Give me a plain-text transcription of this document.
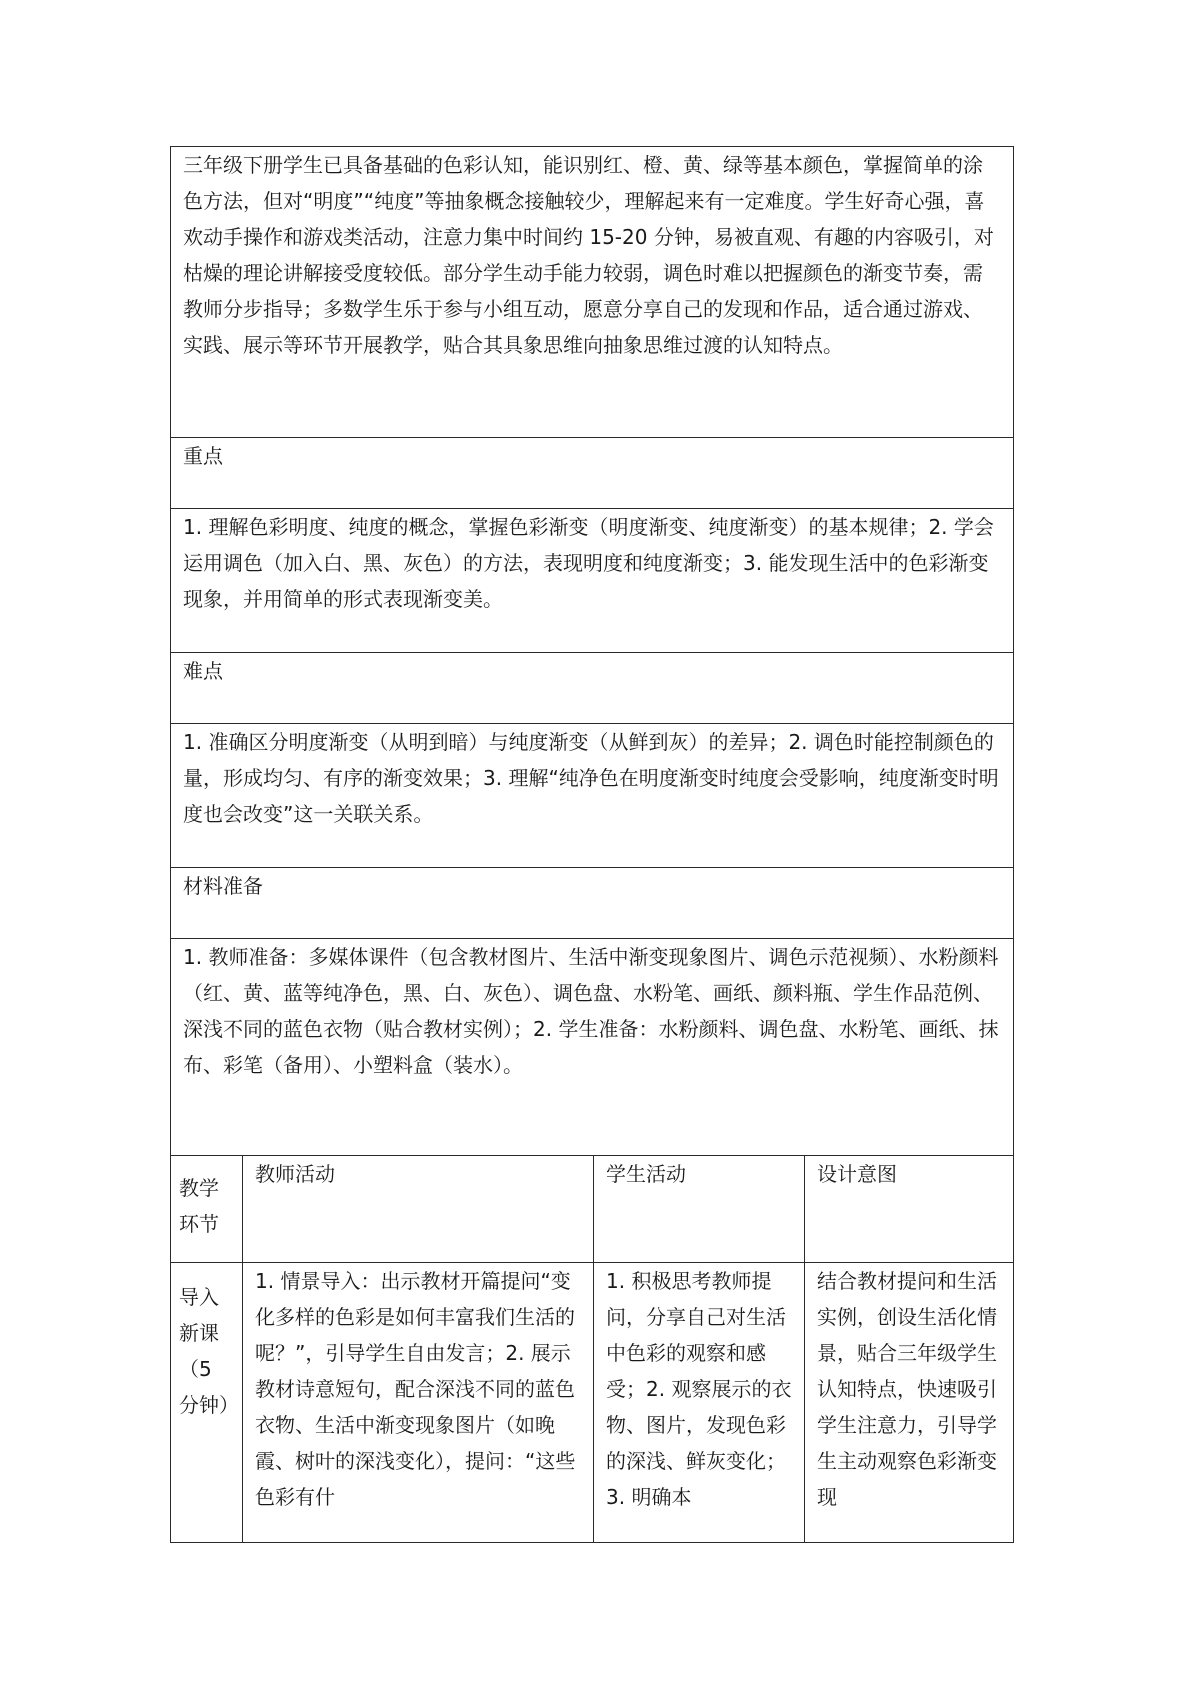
三年级下册学生已具备基础的色彩认知，能识别红、橙、黄、绿等基本颜色，掌握简单的涂色方法，但对“明度”“纯度”等抽象概念接触较少，理解起来有一定难度。学生好奇心强，喜欢动手操作和游戏类活动，注意力集中时间约 15-20 分钟，易被直观、有趣的内容吸引，对枯燥的理论讲解接受度较低。部分学生动手能力较弱，调色时难以把握颜色的渐变节奏，需教师分步指导；多数学生乐于参与小组互动，愿意分享自己的发现和作品，适合通过游戏、实践、展示等环节开展教学，贴合其具象思维向抽象思维过渡的认知特点。			
重点			
1. 理解色彩明度、纯度的概念，掌握色彩渐变（明度渐变、纯度渐变）的基本规律；2. 学会运用调色（加入白、黑、灰色）的方法，表现明度和纯度渐变；3. 能发现生活中的色彩渐变现象，并用简单的形式表现渐变美。			
难点			
1. 准确区分明度渐变（从明到暗）与纯度渐变（从鲜到灰）的差异；2. 调色时能控制颜色的量，形成均匀、有序的渐变效果；3. 理解“纯净色在明度渐变时纯度会受影响，纯度渐变时明度也会改变”这一关联关系。			
材料准备			
1. 教师准备：多媒体课件（包含教材图片、生活中渐变现象图片、调色示范视频）、水粉颜料（红、黄、蓝等纯净色，黑、白、灰色）、调色盘、水粉笔、画纸、颜料瓶、学生作品范例、深浅不同的蓝色衣物（贴合教材实例）；2. 学生准备：水粉颜料、调色盘、水粉笔、画纸、抹布、彩笔（备用）、小塑料盒（装水）。			
教学环节	教师活动	学生活动	设计意图
导入新课（5 分钟）	1. 情景导入：出示教材开篇提问“变化多样的色彩是如何丰富我们生活的呢？”，引导学生自由发言；2. 展示教材诗意短句，配合深浅不同的蓝色衣物、生活中渐变现象图片（如晚霞、树叶的深浅变化），提问：“这些色彩有什	1. 积极思考教师提问，分享自己对生活中色彩的观察和感受；2. 观察展示的衣物、图片，发现色彩的深浅、鲜灰变化；3. 明确本	结合教材提问和生活实例，创设生活化情景，贴合三年级学生认知特点，快速吸引学生注意力，引导学生主动观察色彩渐变现
